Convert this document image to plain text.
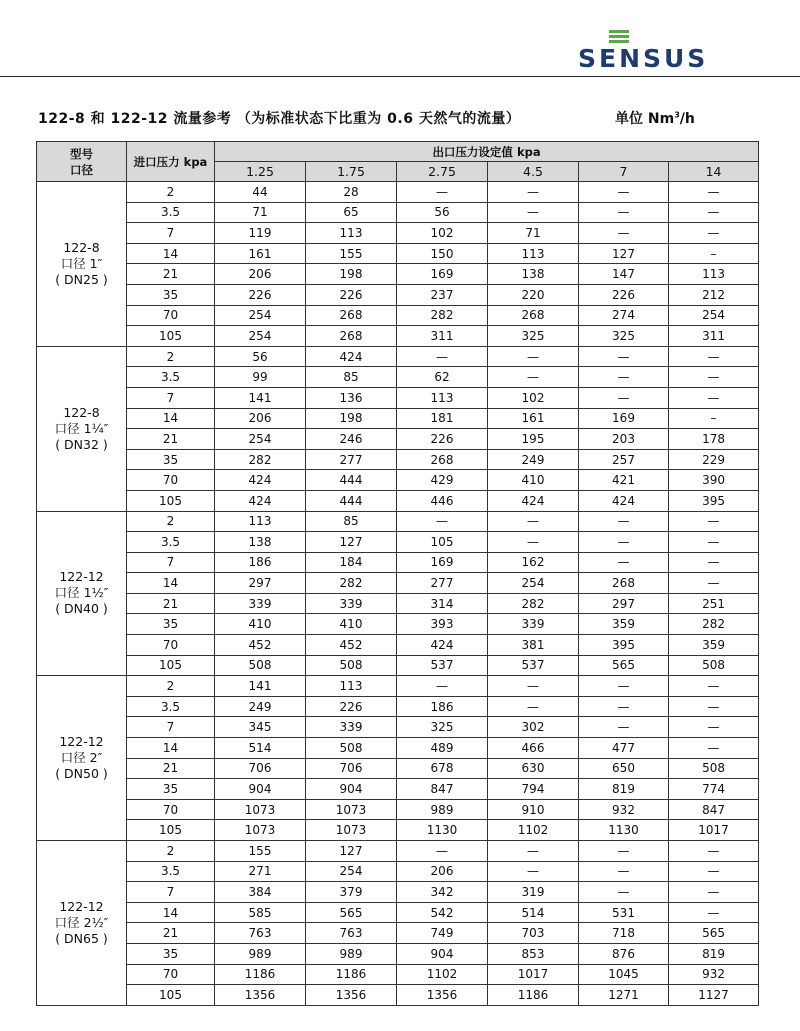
SENSUS
122-8 和 122-12 流量参考 （为标准状态下比重为 0.6 天然气的流量）	单位 Nm$^3$/h
型号
口径	进口压力 kpa	出口压力设定值 kpa					
		1.25	1.75	2.75	4.5	7	14
122-8
口径 1″
( DN25 )	2	44	28	—	—	—	—
	3.5	71	65	56	—	—	—
	7	119	113	102	71	—	—
	14	161	155	150	113	127	–
	21	206	198	169	138	147	113
	35	226	226	237	220	226	212
	70	254	268	282	268	274	254
	105	254	268	311	325	325	311
122-8
口径 1¼″
( DN32 )	2	56	424	—	—	—	—
	3.5	99	85	62	—	—	—
	7	141	136	113	102	—	—
	14	206	198	181	161	169	–
	21	254	246	226	195	203	178
	35	282	277	268	249	257	229
	70	424	444	429	410	421	390
	105	424	444	446	424	424	395
122-12
口径 1½″
( DN40 )	2	113	85	—	—	—	—
	3.5	138	127	105	—	—	—
	7	186	184	169	162	—	—
	14	297	282	277	254	268	—
	21	339	339	314	282	297	251
	35	410	410	393	339	359	282
	70	452	452	424	381	395	359
	105	508	508	537	537	565	508
122-12
口径 2″
( DN50 )	2	141	113	—	—	—	—
	3.5	249	226	186	—	—	—
	7	345	339	325	302	—	—
	14	514	508	489	466	477	—
	21	706	706	678	630	650	508
	35	904	904	847	794	819	774
	70	1073	1073	989	910	932	847
	105	1073	1073	1130	1102	1130	1017
122-12
口径 2½″
( DN65 )	2	155	127	—	—	—	—
	3.5	271	254	206	—	—	—
	7	384	379	342	319	—	—
	14	585	565	542	514	531	—
	21	763	763	749	703	718	565
	35	989	989	904	853	876	819
	70	1186	1186	1102	1017	1045	932
	105	1356	1356	1356	1186	1271	1127
